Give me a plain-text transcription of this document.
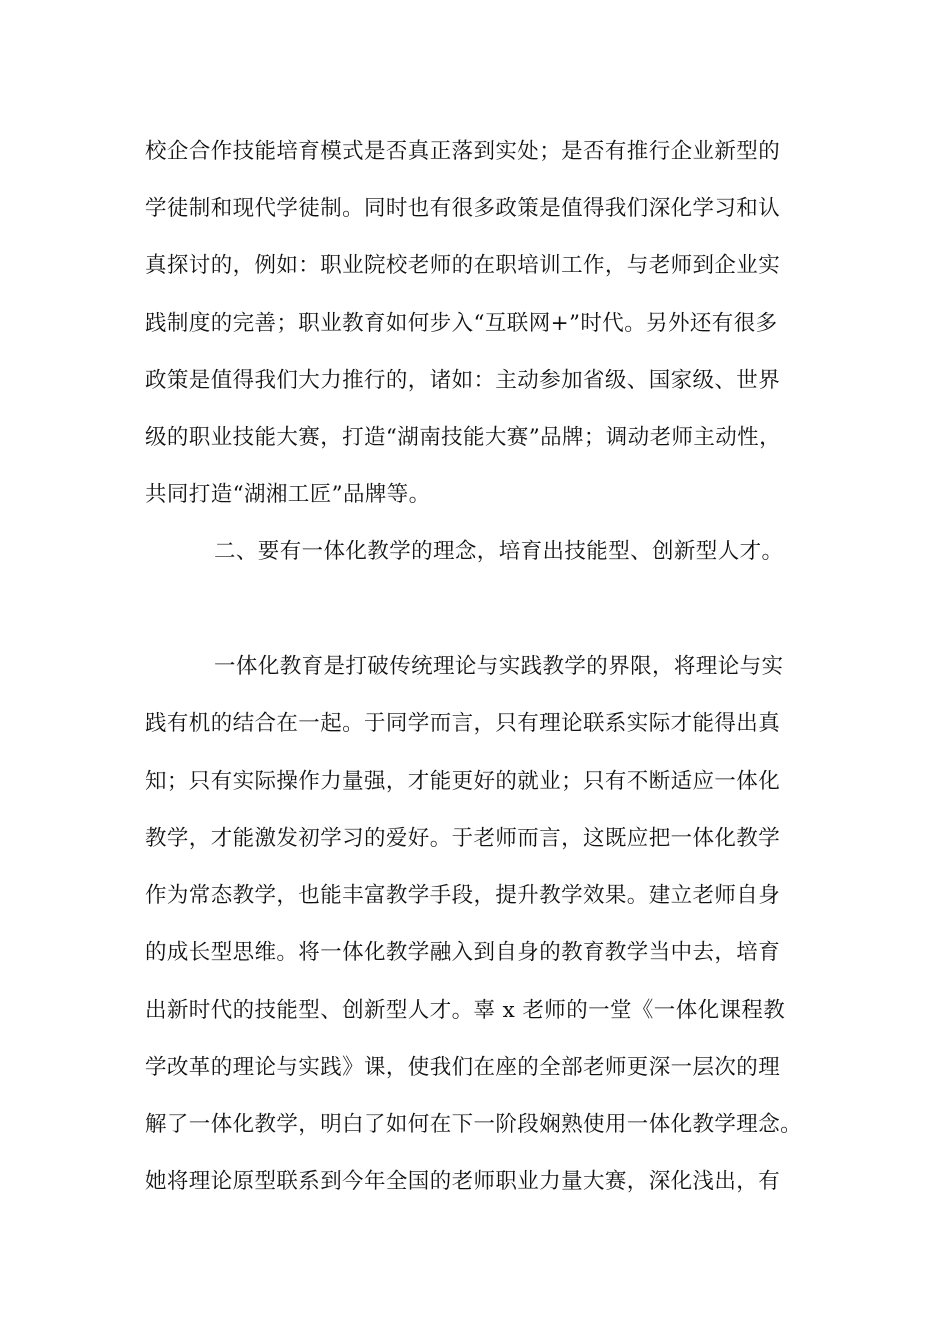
校企合作技能培育模式是否真正落到实处；是否有推行企业新型的
学徒制和现代学徒制。同时也有很多政策是值得我们深化学习和认
真探讨的，例如：职业院校老师的在职培训工作，与老师到企业实
践制度的完善；职业教育如何步入“互联网+”时代。另外还有很多
政策是值得我们大力推行的，诸如：主动参加省级、国家级、世界
级的职业技能大赛，打造“湖南技能大赛”品牌；调动老师主动性，
共同打造“湖湘工匠”品牌等。
二、要有一体化教学的理念，培育出技能型、创新型人才。
一体化教育是打破传统理论与实践教学的界限，将理论与实
践有机的结合在一起。于同学而言，只有理论联系实际才能得出真
知；只有实际操作力量强，才能更好的就业；只有不断适应一体化
教学，才能激发初学习的爱好。于老师而言，这既应把一体化教学
作为常态教学，也能丰富教学手段，提升教学效果。建立老师自身
的成长型思维。将一体化教学融入到自身的教育教学当中去，培育
出新时代的技能型、创新型人才。辜 x 老师的一堂《一体化课程教
学改革的理论与实践》课，使我们在座的全部老师更深一层次的理
解了一体化教学，明白了如何在下一阶段娴熟使用一体化教学理念。
她将理论原型联系到今年全国的老师职业力量大赛，深化浅出，有
